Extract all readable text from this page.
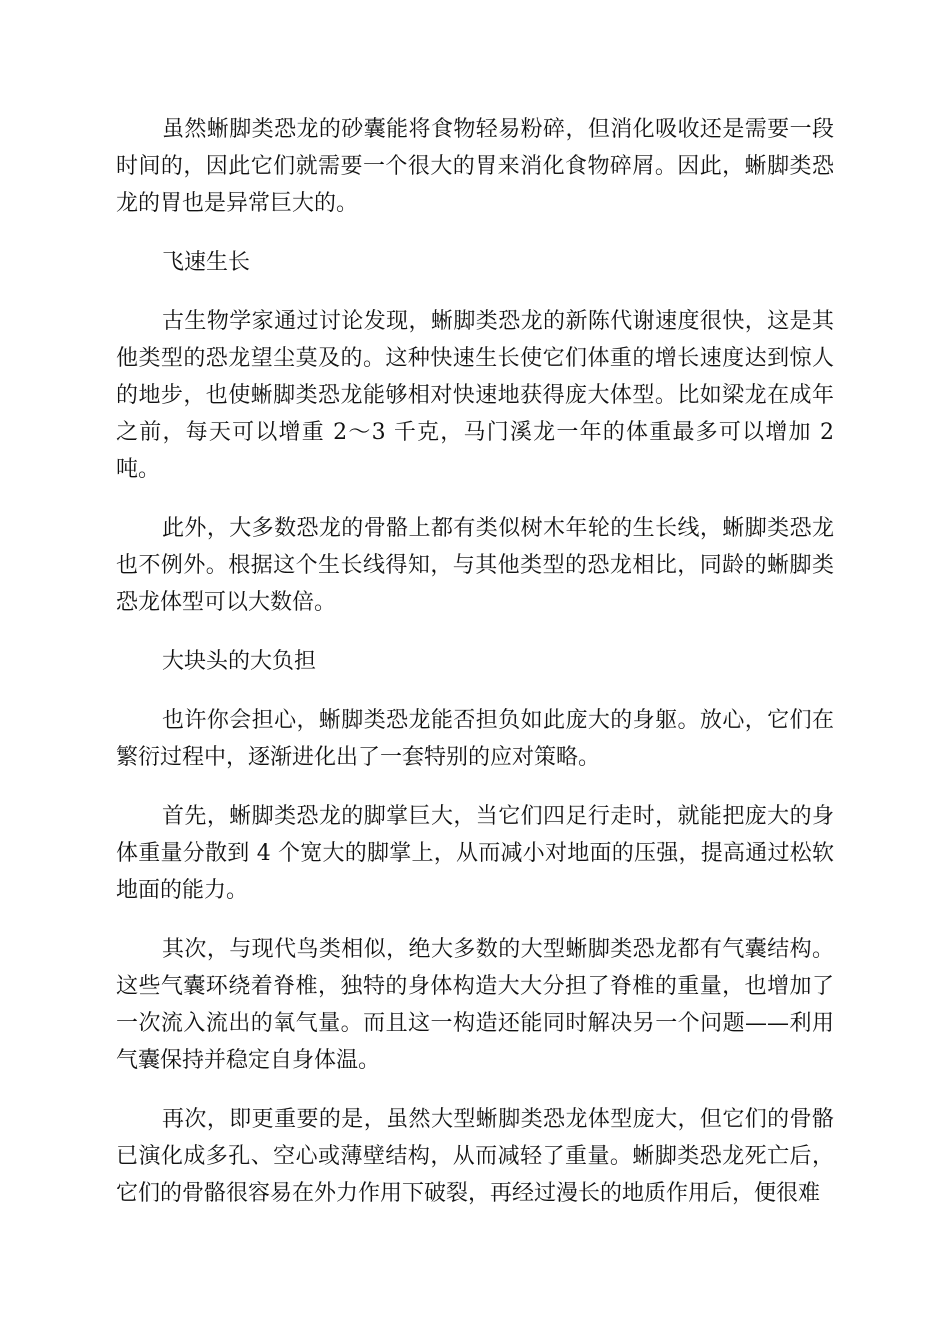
虽然蜥脚类恐龙的砂囊能将食物轻易粉碎，但消化吸收还是需要一段时间的，因此它们就需要一个很大的胃来消化食物碎屑。因此，蜥脚类恐龙的胃也是异常巨大的。

飞速生长

古生物学家通过讨论发现，蜥脚类恐龙的新陈代谢速度很快，这是其他类型的恐龙望尘莫及的。这种快速生长使它们体重的增长速度达到惊人的地步，也使蜥脚类恐龙能够相对快速地获得庞大体型。比如梁龙在成年之前，每天可以增重 2～3 千克，马门溪龙一年的体重最多可以增加 2 吨。

此外，大多数恐龙的骨骼上都有类似树木年轮的生长线，蜥脚类恐龙也不例外。根据这个生长线得知，与其他类型的恐龙相比，同龄的蜥脚类恐龙体型可以大数倍。

大块头的大负担

也许你会担心，蜥脚类恐龙能否担负如此庞大的身躯。放心，它们在繁衍过程中，逐渐进化出了一套特别的应对策略。

首先，蜥脚类恐龙的脚掌巨大，当它们四足行走时，就能把庞大的身体重量分散到 4 个宽大的脚掌上，从而减小对地面的压强，提高通过松软地面的能力。

其次，与现代鸟类相似，绝大多数的大型蜥脚类恐龙都有气囊结构。这些气囊环绕着脊椎，独特的身体构造大大分担了脊椎的重量，也增加了一次流入流出的氧气量。而且这一构造还能同时解决另一个问题——利用气囊保持并稳定自身体温。

再次，即更重要的是，虽然大型蜥脚类恐龙体型庞大，但它们的骨骼已演化成多孔、空心或薄壁结构，从而减轻了重量。蜥脚类恐龙死亡后，它们的骨骼很容易在外力作用下破裂，再经过漫长的地质作用后，便很难
